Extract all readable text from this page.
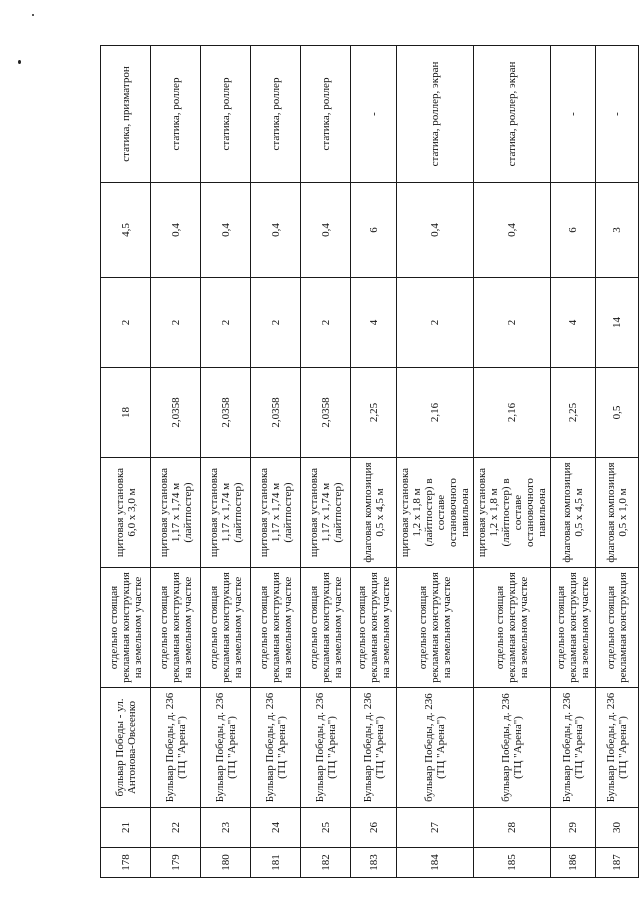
178	21	бульвар Победы - ул. Антонова-Овсеенко	отдельно стоящая рекламная конструкция на земельном участке	щитовая установка 6,0 х 3,0 м	18	2	4,5	статика, призматрон
179	22	Бульвар Победы, д. 236 (ТЦ "Арена")	отдельно стоящая рекламная конструкция на земельном участке	щитовая установка 1,17 х 1,74 м (лайтпостер)	2,0358	2	0,4	статика, роллер
180	23	Бульвар Победы, д. 236 (ТЦ "Арена")	отдельно стоящая рекламная конструкция на земельном участке	щитовая установка 1,17 х 1,74 м (лайтпостер)	2,0358	2	0,4	статика, роллер
181	24	Бульвар Победы, д. 236 (ТЦ "Арена")	отдельно стоящая рекламная конструкция на земельном участке	щитовая установка 1,17 х 1,74 м (лайтпостер)	2,0358	2	0,4	статика, роллер
182	25	Бульвар Победы, д. 236 (ТЦ "Арена")	отдельно стоящая рекламная конструкция на земельном участке	щитовая установка 1,17 х 1,74 м (лайтпостер)	2,0358	2	0,4	статика, роллер
183	26	Бульвар Победы, д. 236 (ТЦ "Арена")	отдельно стоящая рекламная конструкция на земельном участке	флаговая композиция 0,5 х 4,5 м	2,25	4	6	-
184	27	бульвар Победы, д. 236 (ТЦ "Арена")	отдельно стоящая рекламная конструкция на земельном участке	щитовая установка 1,2 х 1,8 м (лайтпостер) в составе остановочного павильона	2,16	2	0,4	статика, роллер, экран
185	28	бульвар Победы, д. 236 (ТЦ "Арена")	отдельно стоящая рекламная конструкция на земельном участке	щитовая установка 1,2 х 1,8 м (лайтпостер) в составе остановочного павильона	2,16	2	0,4	статика, роллер, экран
186	29	Бульвар Победы, д. 236 (ТЦ "Арена")	отдельно стоящая рекламная конструкция на земельном участке	флаговая композиция 0,5 х 4,5 м	2,25	4	6	-
187	30	Бульвар Победы, д. 236 (ТЦ "Арена")	отдельно стоящая рекламная конструкция	флаговая композиция 0,5 х 1,0 м	0,5	14	3	-
